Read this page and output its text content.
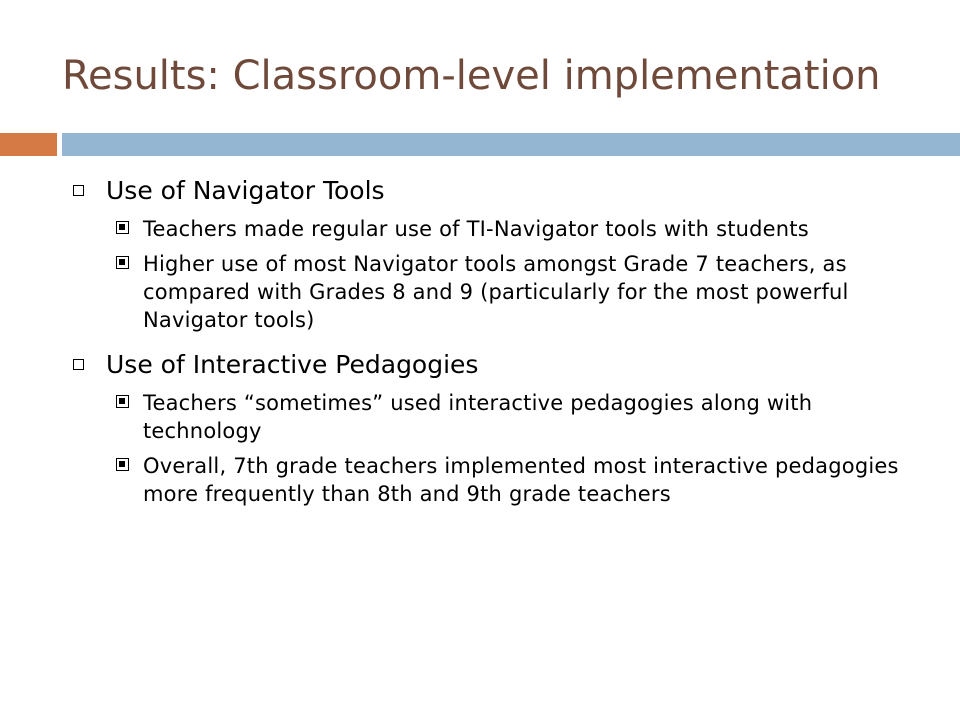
Results: Classroom-level implementation
Use of Navigator Tools
Teachers made regular use of TI-Navigator tools with students
Higher use of most Navigator tools amongst Grade 7 teachers, as compared with Grades 8 and 9 (particularly for the most powerful Navigator tools)
Use of Interactive Pedagogies
Teachers “sometimes” used interactive pedagogies along with technology
Overall, 7th grade teachers implemented most interactive pedagogies more frequently than 8th and 9th grade teachers
